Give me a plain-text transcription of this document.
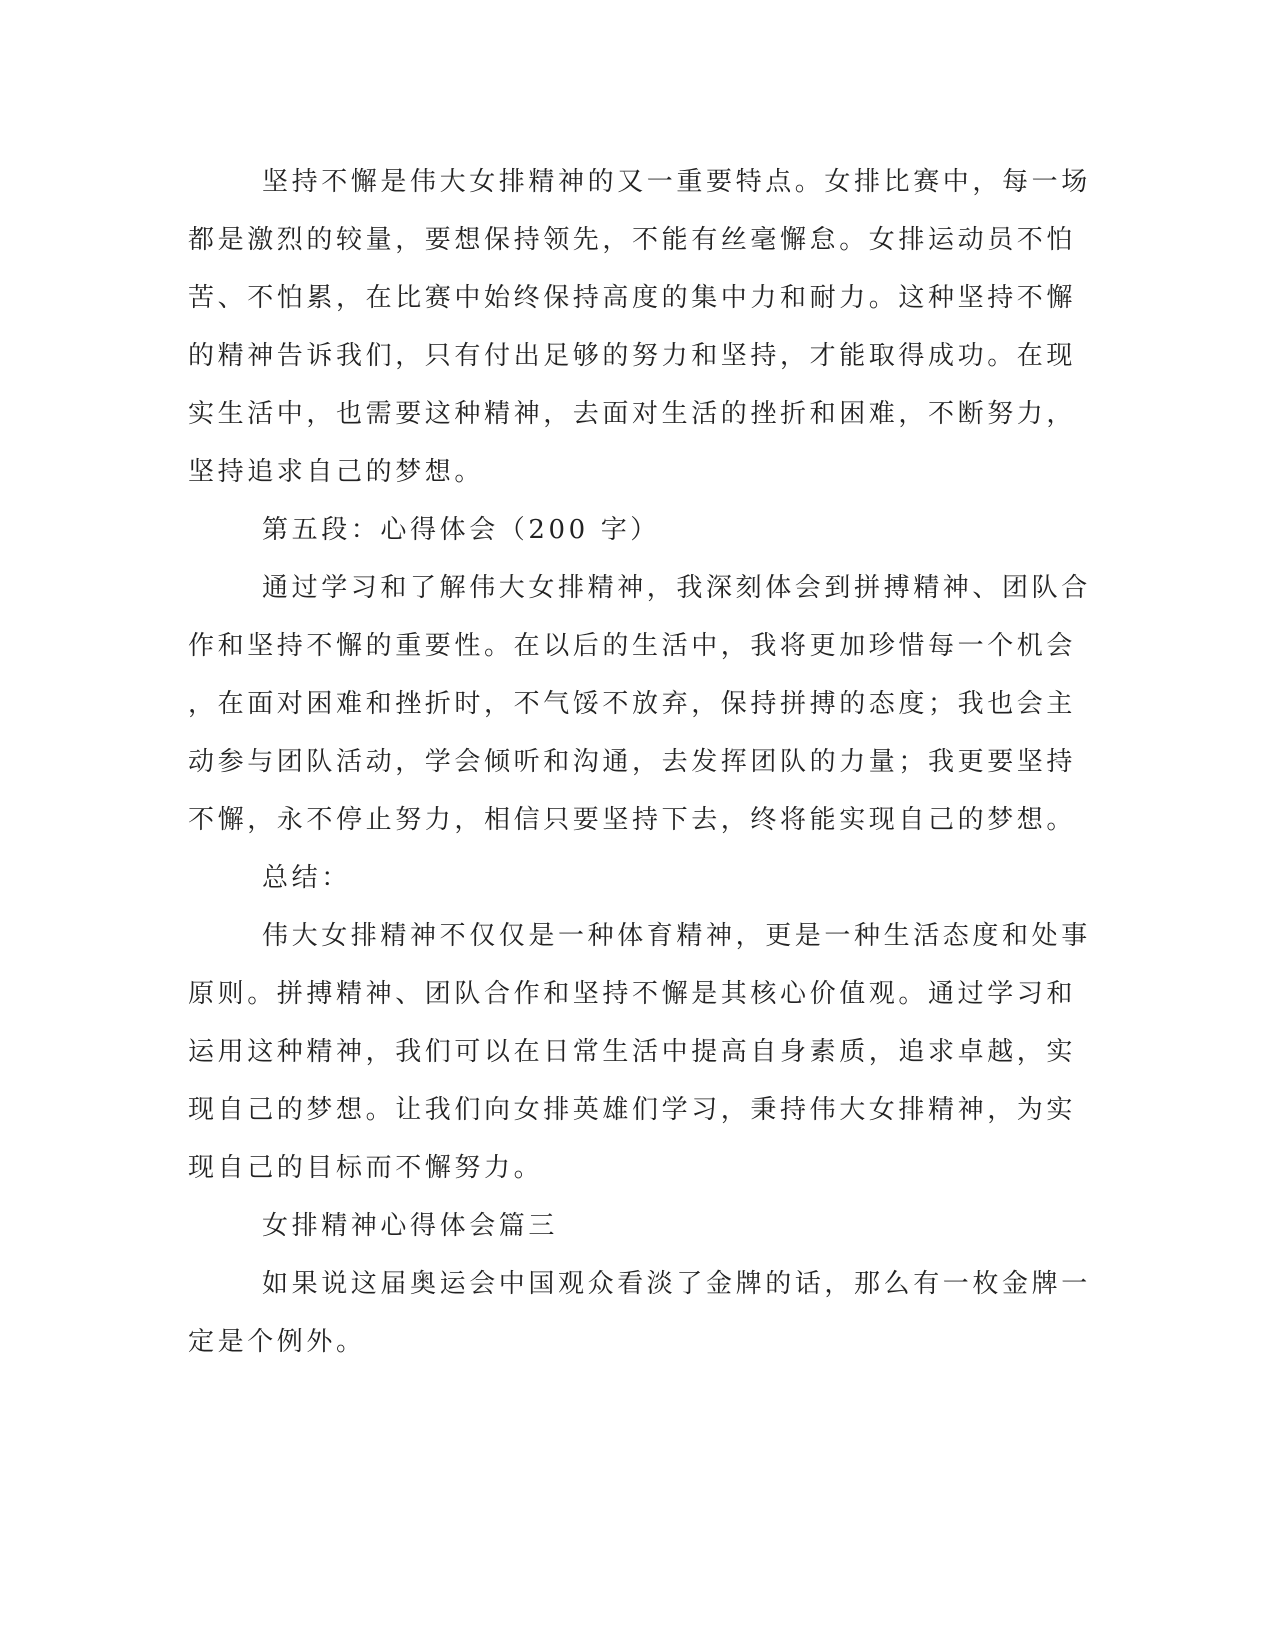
坚持不懈是伟大女排精神的又一重要特点。女排比赛中，每一场

都是激烈的较量，要想保持领先，不能有丝毫懈怠。女排运动员不怕

苦、不怕累，在比赛中始终保持高度的集中力和耐力。这种坚持不懈

的精神告诉我们，只有付出足够的努力和坚持，才能取得成功。在现

实生活中，也需要这种精神，去面对生活的挫折和困难，不断努力，

坚持追求自己的梦想。

第五段：心得体会（200 字）

通过学习和了解伟大女排精神，我深刻体会到拼搏精神、团队合

作和坚持不懈的重要性。在以后的生活中，我将更加珍惜每一个机会

，在面对困难和挫折时，不气馁不放弃，保持拼搏的态度；我也会主

动参与团队活动，学会倾听和沟通，去发挥团队的力量；我更要坚持

不懈，永不停止努力，相信只要坚持下去，终将能实现自己的梦想。

总结：

伟大女排精神不仅仅是一种体育精神，更是一种生活态度和处事

原则。拼搏精神、团队合作和坚持不懈是其核心价值观。通过学习和

运用这种精神，我们可以在日常生活中提高自身素质，追求卓越，实

现自己的梦想。让我们向女排英雄们学习，秉持伟大女排精神，为实

现自己的目标而不懈努力。

女排精神心得体会篇三

如果说这届奥运会中国观众看淡了金牌的话，那么有一枚金牌一

定是个例外。
